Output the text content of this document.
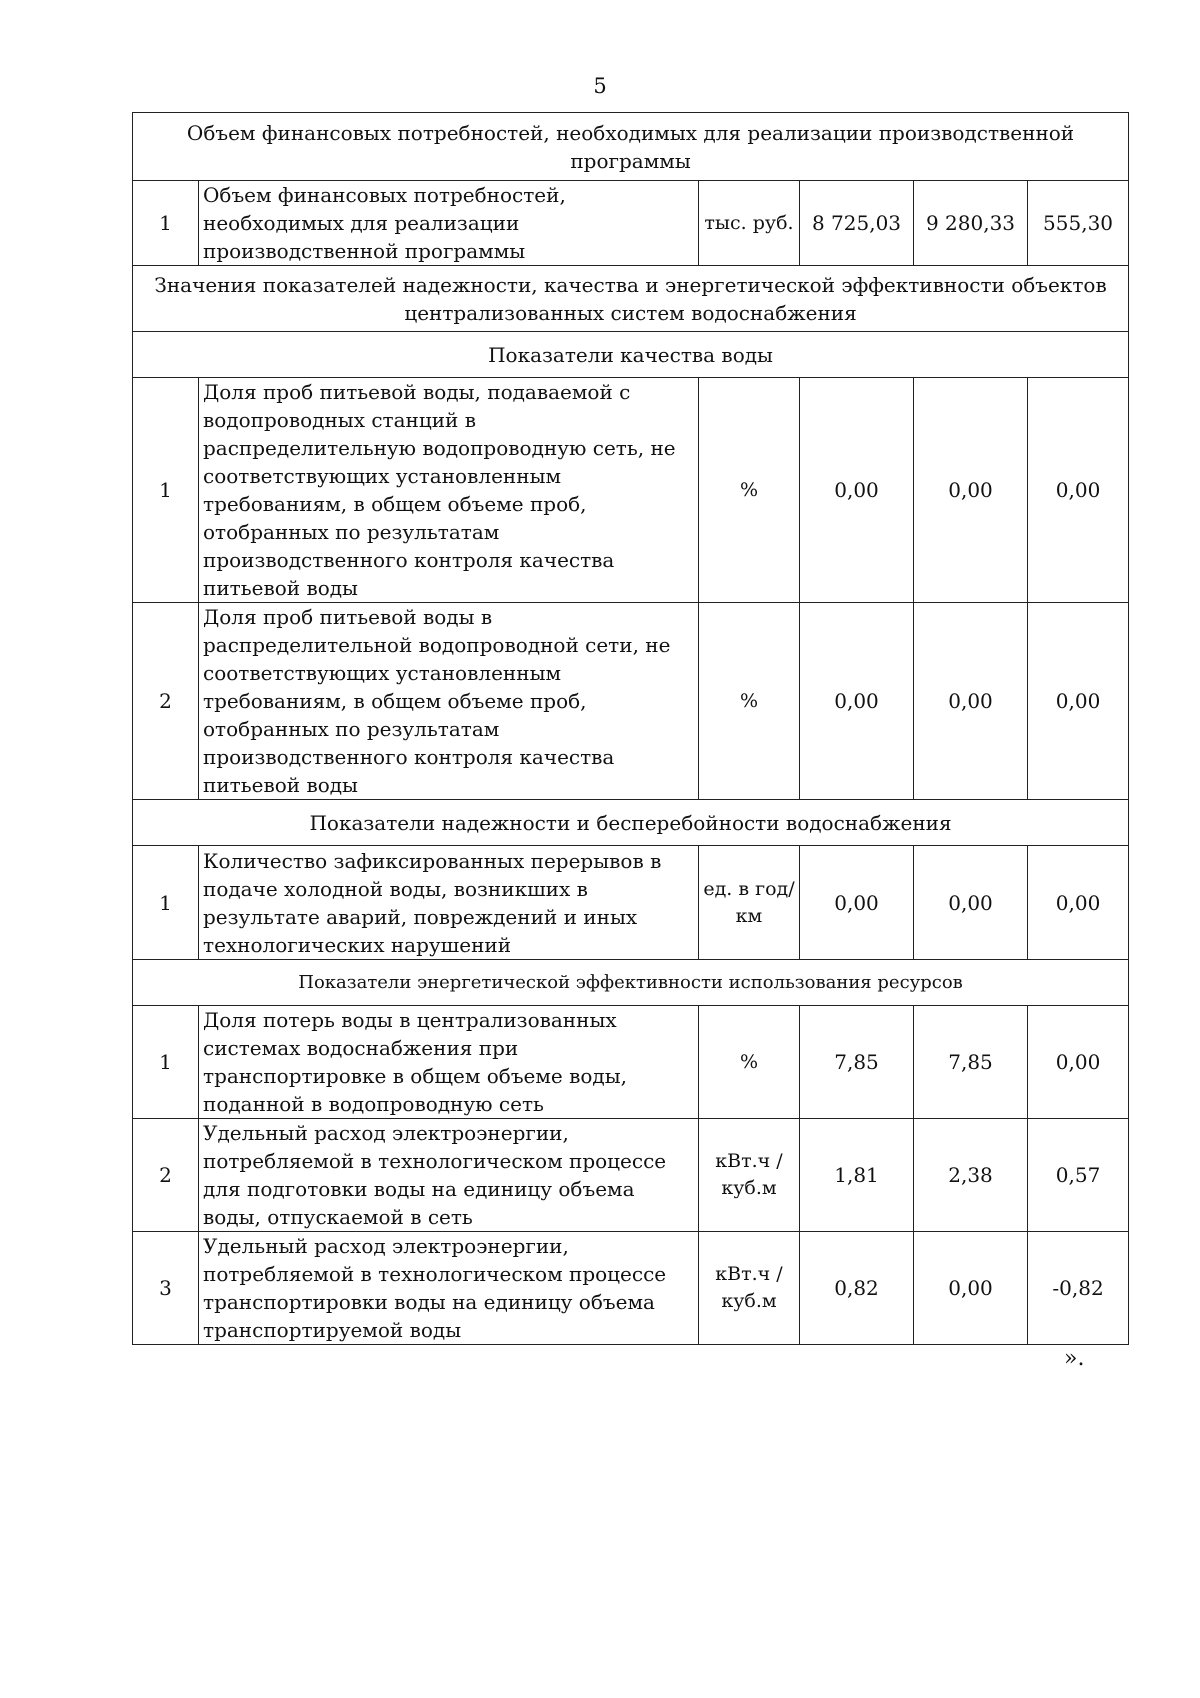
5
Объем финансовых потребностей, необходимых для реализации производственной программы					
1	Объем финансовых потребностей, необходимых для реализации производственной программы	тыс. руб.	8 725,03	9 280,33	555,30
Значения показателей надежности, качества и энергетической эффективности объектов централизованных систем водоснабжения					
Показатели качества воды					
1	Доля проб питьевой воды, подаваемой с водопроводных станций в распределительную водопроводную сеть, не соответствующих установленным требованиям, в общем объеме проб, отобранных по результатам производственного контроля качества питьевой воды	%	0,00	0,00	0,00
2	Доля проб питьевой воды в распределительной водопроводной сети, не соответствующих установленным требованиям, в общем объеме проб, отобранных по результатам производственного контроля качества питьевой воды	%	0,00	0,00	0,00
Показатели надежности и бесперебойности водоснабжения					
1	Количество зафиксированных перерывов в подаче холодной воды, возникших в результате аварий, повреждений и иных технологических нарушений	ед. в год/ км	0,00	0,00	0,00
Показатели энергетической эффективности использования ресурсов					
1	Доля потерь воды в централизованных системах водоснабжения при транспортировке в общем объеме воды, поданной в водопроводную сеть	%	7,85	7,85	0,00
2	Удельный расход электроэнергии, потребляемой в технологическом процессе для подготовки воды на единицу объема воды, отпускаемой в сеть	кВт.ч / куб.м	1,81	2,38	0,57
3	Удельный расход электроэнергии, потребляемой в технологическом процессе транспортировки воды на единицу объема транспортируемой воды	кВт.ч / куб.м	0,82	0,00	-0,82
».
